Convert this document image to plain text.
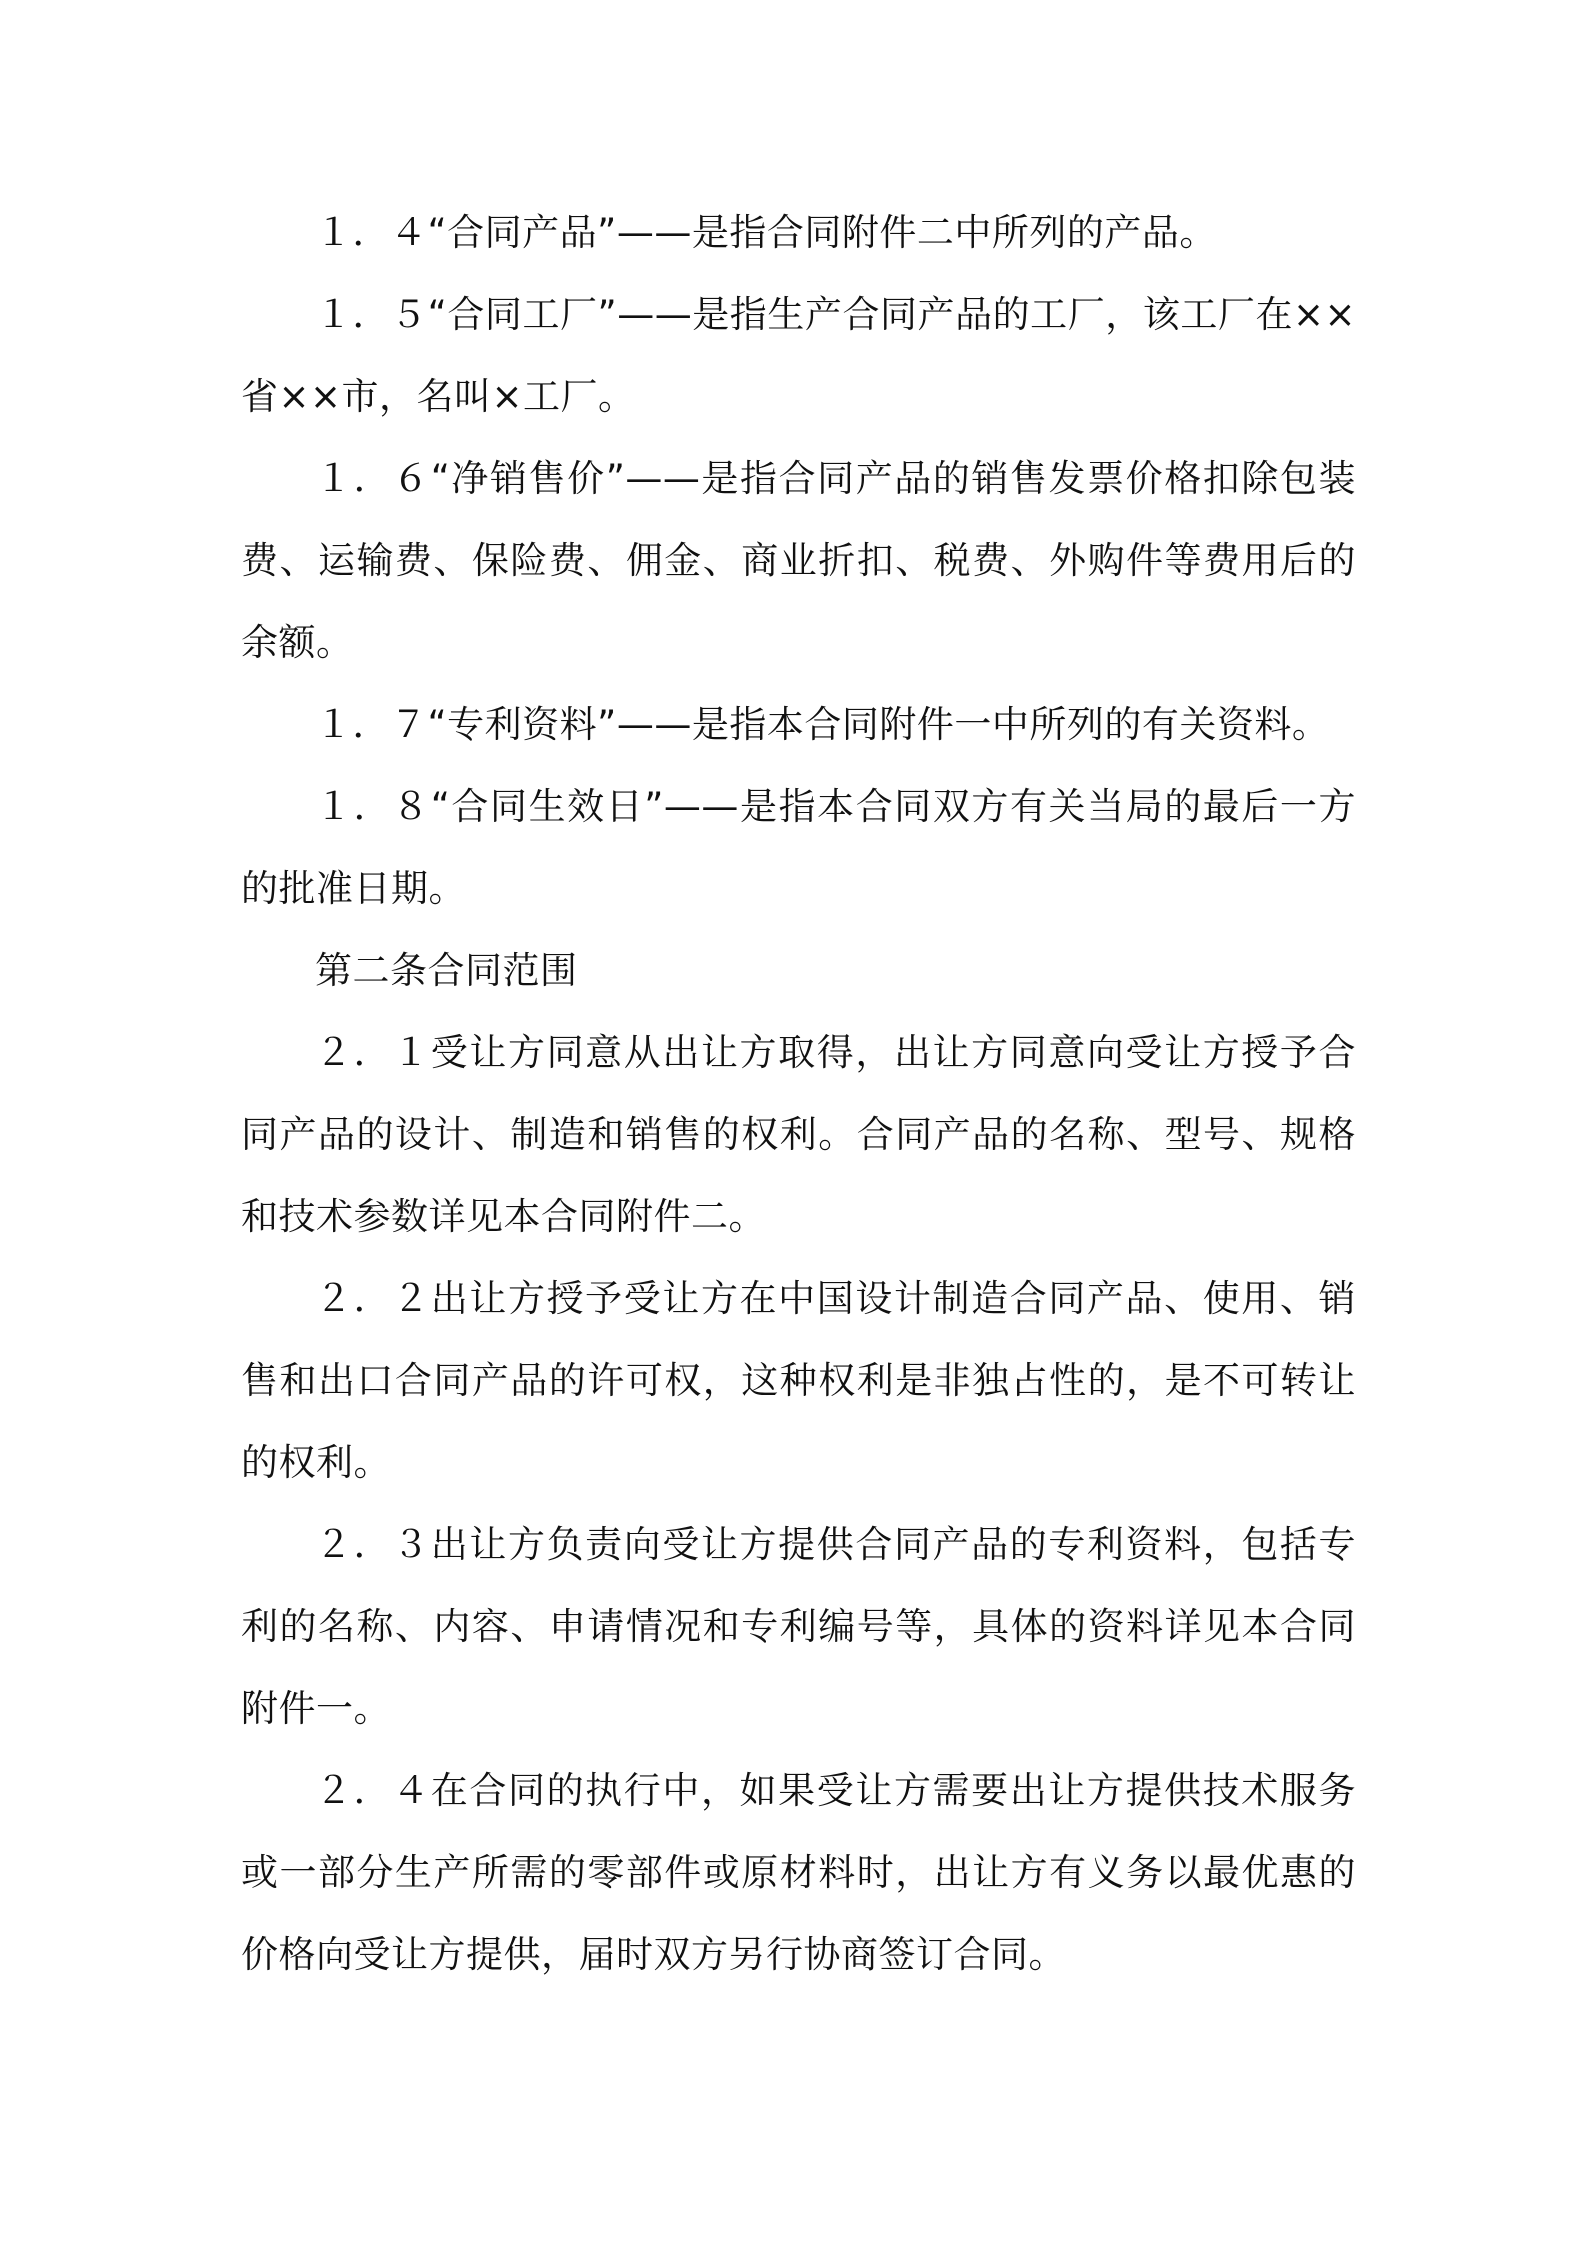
１．４“合同产品”——是指合同附件二中所列的产品。

１．５“合同工厂”——是指生产合同产品的工厂，该工厂在××省××市，名叫×工厂。

１．６“净销售价”——是指合同产品的销售发票价格扣除包装费、运输费、保险费、佣金、商业折扣、税费、外购件等费用后的余额。

１．７“专利资料”——是指本合同附件一中所列的有关资料。

１．８“合同生效日”——是指本合同双方有关当局的最后一方的批准日期。

第二条合同范围

２．１受让方同意从出让方取得，出让方同意向受让方授予合同产品的设计、制造和销售的权利。合同产品的名称、型号、规格和技术参数详见本合同附件二。

２．２出让方授予受让方在中国设计制造合同产品、使用、销售和出口合同产品的许可权，这种权利是非独占性的，是不可转让的权利。

２．３出让方负责向受让方提供合同产品的专利资料，包括专利的名称、内容、申请情况和专利编号等，具体的资料详见本合同附件一。

２．４在合同的执行中，如果受让方需要出让方提供技术服务或一部分生产所需的零部件或原材料时，出让方有义务以最优惠的价格向受让方提供，届时双方另行协商签订合同。
